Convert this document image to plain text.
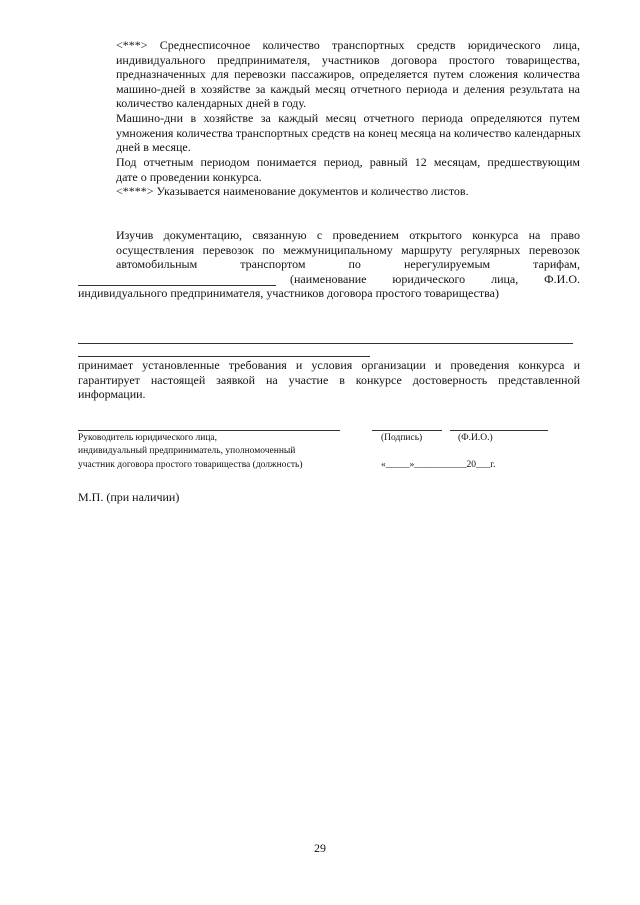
<***> Среднесписочное количество транспортных средств юридического лица,
индивидуального предпринимателя, участников договора простого товарищества,
предназначенных для перевозки пассажиров, определяется путем сложения количества
машино-дней в хозяйстве за каждый месяц отчетного периода и деления результата на
количество календарных дней в году.
Машино-дни в хозяйстве за каждый месяц отчетного периода определяются путем
умножения количества транспортных средств на конец месяца на количество календарных
дней в месяце.
Под отчетным периодом понимается период, равный 12 месяцам, предшествующим
дате о проведении конкурса.
<****> Указывается наименование документов и количество листов.
Изучив документацию, связанную с проведением открытого конкурса на право
осуществления перевозок по межмуниципальному маршруту регулярных перевозок
автомобильным транспортом по нерегулируемым тарифам,
(наименование юридического лица, Ф.И.О.
индивидуального предпринимателя, участников договора простого товарищества)
принимает установленные требования и условия организации и проведения конкурса и
гарантирует настоящей заявкой на участие в конкурсе достоверность представленной
информации.
Руководитель юридического лица,
индивидуальный предприниматель, уполномоченный
участник договора простого товарищества (должность)
(Подпись)	(Ф.И.О.)
«_____»___________20___г.
М.П. (при наличии)
29
